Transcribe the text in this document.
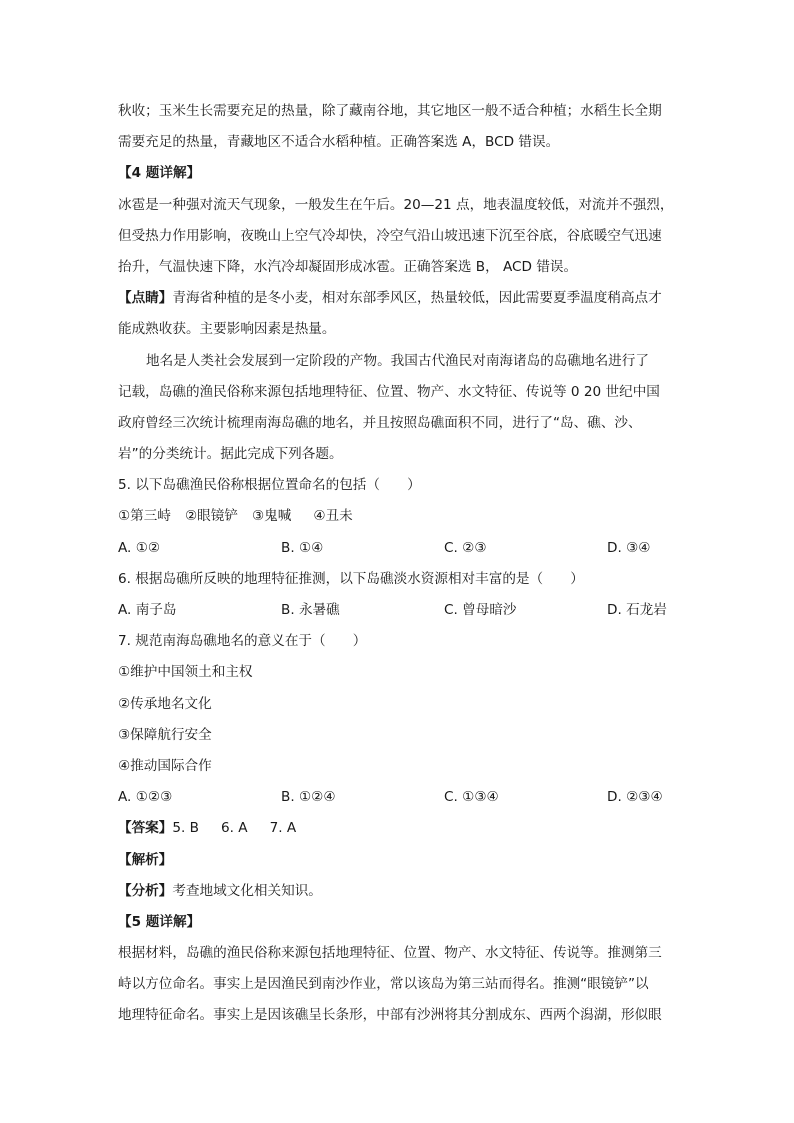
秋收；玉米生长需要充足的热量，除了藏南谷地，其它地区一般不适合种植；水稻生长全期
需要充足的热量，青藏地区不适合水稻种植。正确答案选 A，BCD 错误。
【4 题详解】
冰雹是一种强对流天气现象，一般发生在午后。20—21 点，地表温度较低，对流并不强烈，
但受热力作用影响，夜晚山上空气冷却快，冷空气沿山坡迅速下沉至谷底，谷底暖空气迅速
抬升，气温快速下降，水汽冷却凝固形成冰雹。正确答案选 B， ACD 错误。
【点睛】青海省种植的是冬小麦，相对东部季风区，热量较低，因此需要夏季温度稍高点才
能成熟收获。主要影响因素是热量。
地名是人类社会发展到一定阶段的产物。我国古代渔民对南海诸岛的岛礁地名进行了
记载，岛礁的渔民俗称来源包括地理特征、位置、物产、水文特征、传说等 0 20 世纪中国
政府曾经三次统计梳理南海岛礁的地名，并且按照岛礁面积不同，进行了“岛、礁、沙、
岩”的分类统计。据此完成下列各题。
5. 以下岛礁渔民俗称根据位置命名的包括（　　）
①第三峙 ②眼镜铲 ③鬼喊 ④丑未
A. ①②	B. ①④	C. ②③	D. ③④
6. 根据岛礁所反映的地理特征推测，以下岛礁淡水资源相对丰富的是（　　）
A. 南子岛	B. 永暑礁	C. 曾母暗沙	D. 石龙岩
7. 规范南海岛礁地名的意义在于（　　）
①维护中国领土和主权
②传承地名文化
③保障航行安全
④推动国际合作
A. ①②③	B. ①②④	C. ①③④	D. ②③④
【答案】5. B 6. A 7. A
【解析】
【分析】考查地域文化相关知识。
【5 题详解】
根据材料，岛礁的渔民俗称来源包括地理特征、位置、物产、水文特征、传说等。推测第三
峙以方位命名。事实上是因渔民到南沙作业，常以该岛为第三站而得名。推测“眼镜铲”以
地理特征命名。事实上是因该礁呈长条形，中部有沙洲将其分割成东、西两个潟湖，形似眼
